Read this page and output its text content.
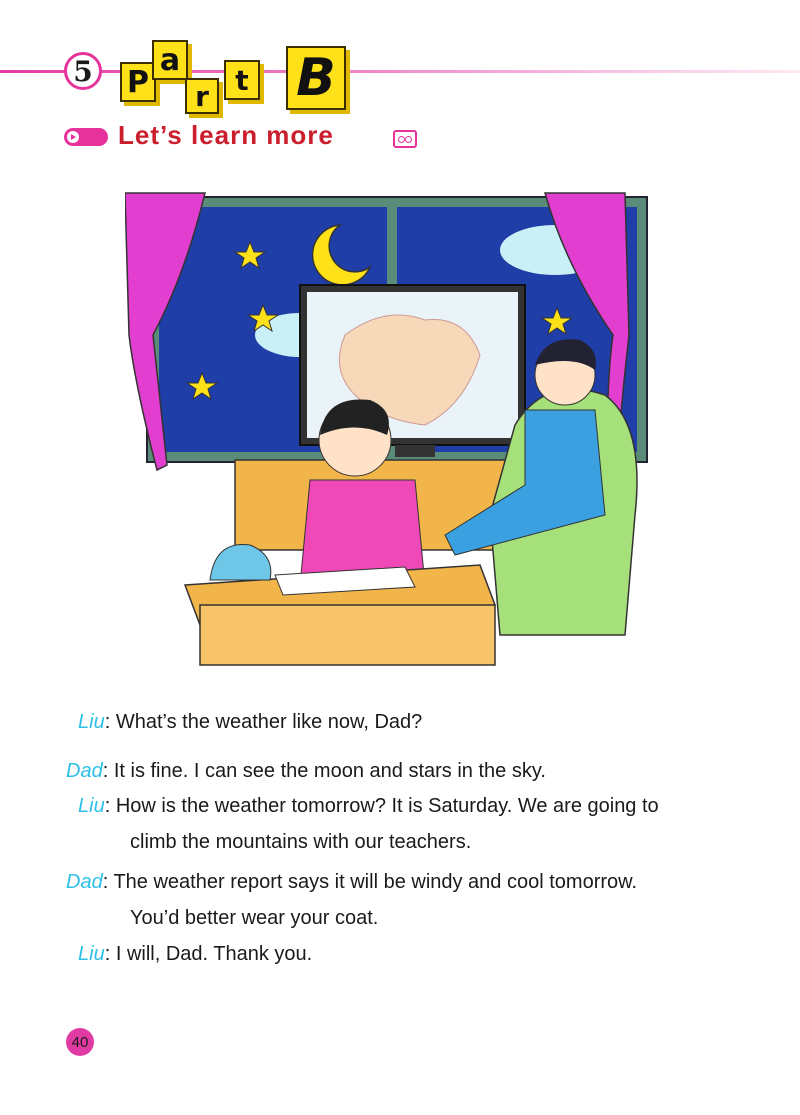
5	P
a
r t B
Let’s learn more
Liu: What’s the weather like now, Dad?
Dad: It is fine. I can see the moon and stars in the sky.
Liu: How is the weather tomorrow? It is Saturday. We are going to
climb the mountains with our teachers.
Dad: The weather report says it will be windy and cool tomorrow.
You’d better wear your coat.
Liu: I will, Dad. Thank you.
40
